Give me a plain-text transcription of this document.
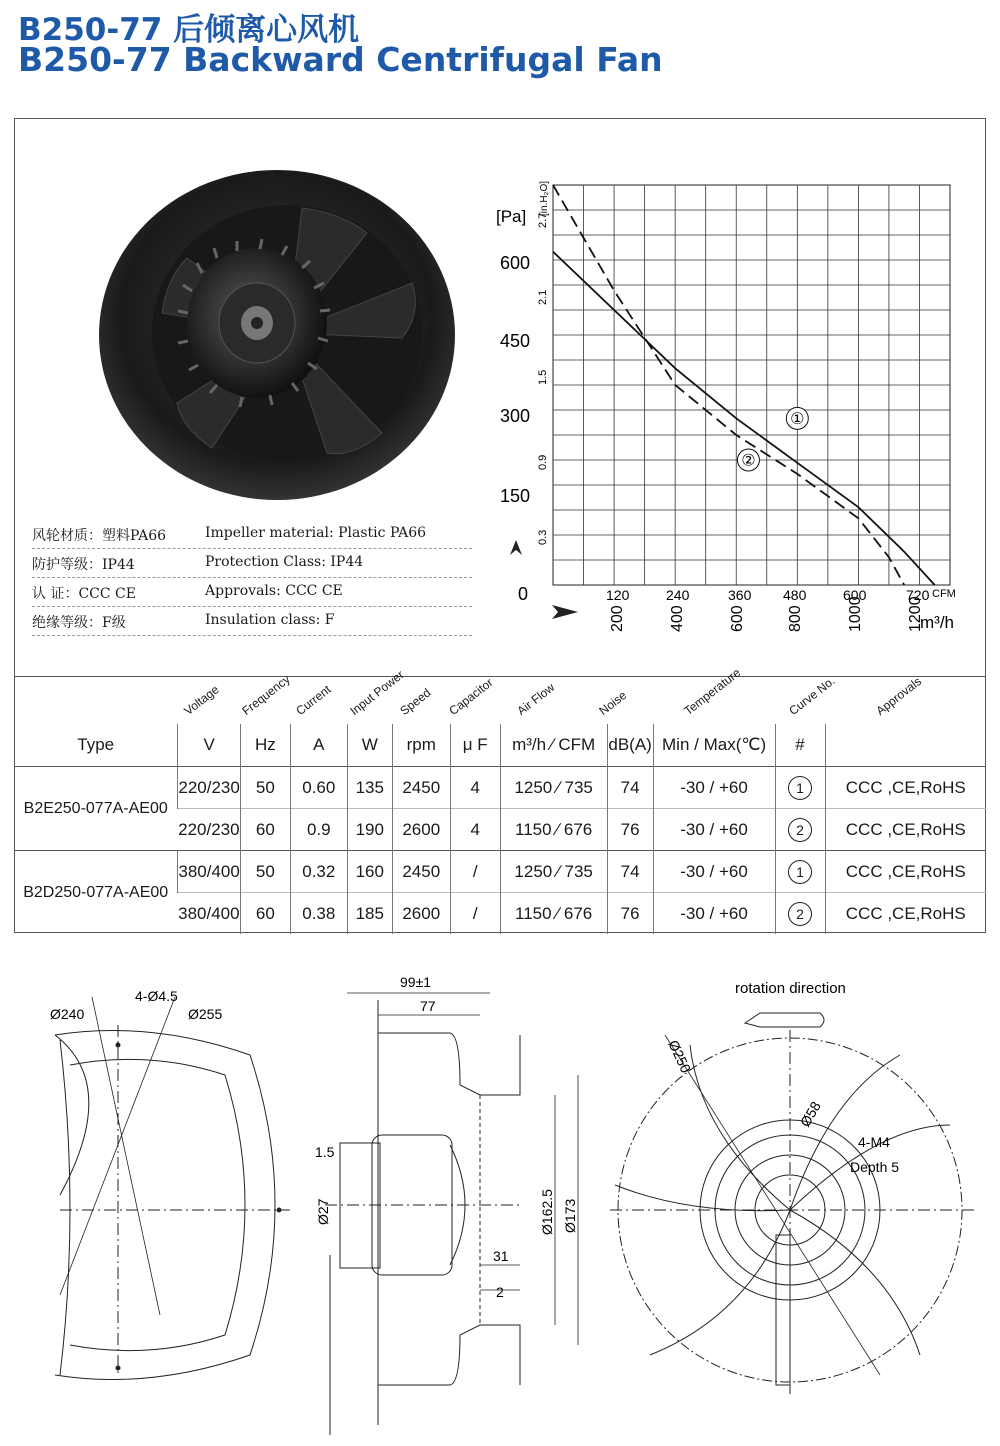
B250-77 后倾离心风机
B250-77 Backward Centrifugal Fan
风轮材质：塑料PA66	Impeller material: Plastic PA66
防护等级：IP44	Protection Class: IP44
认 证：CCC CE	Approvals: CCC CE
绝缘等级：F级	Insulation class: F
0
150
300
450
600
[Pa]
0.3
0.9
1.5
2.1
2.7
[in.H₂O]
120	240	360 480	600	720 CFM
200	400	600	800	1000	1200
m³/h
①
②
Voltage Frequency Current Input Power
Speed Capacitor Air Flow	Noise	Temperature	Curve No.	Approvals
Type	V	Hz	A	W	rpm	μ F	m³/h ∕ CFM	dB(A)	Min / Max(℃)	#	
B2E250-077A-AE00	220/230	50	0.60	135	2450	4	1250 ∕ 735	74	-30 / +60	1	CCC ,CE,RoHS
	220/230	60	0.9	190	2600	4	1150 ∕ 676	76	-30 / +60	2	CCC ,CE,RoHS
B2D250-077A-AE00	380/400	50	0.32	160	2450	/	1250 ∕ 735	74	-30 / +60	1	CCC ,CE,RoHS
	380/400	60	0.38	185	2600	/	1150 ∕ 676	76	-30 / +60	2	CCC ,CE,RoHS
Ø240
4-Ø4.5
Ø255
99±1
77
1.5
Ø27	Ø162.5 Ø173
31
2
rotation direction
Ø250
Ø58
4-M4
Depth 5
